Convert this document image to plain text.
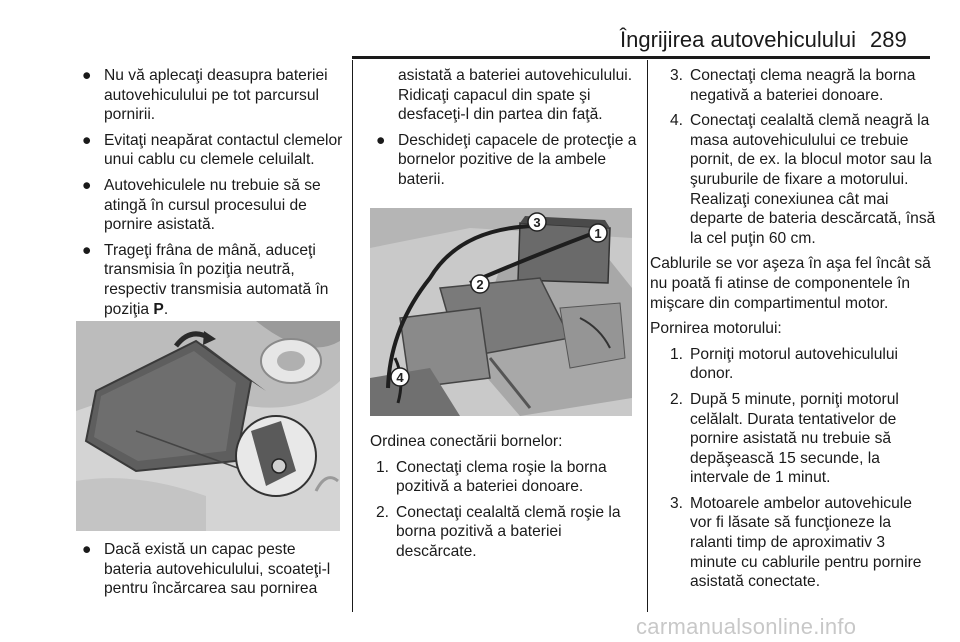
Îngrijirea autovehiculului 289
● Nu vă aplecaţi deasupra bateriei autovehiculului pe tot parcursul pornirii.
● Evitaţi neapărat contactul clemelor unui cablu cu clemele celuilalt.
● Autovehiculele nu trebuie să se atingă în cursul procesului de pornire asistată.
● Trageţi frâna de mână, aduceţi transmisia în poziţia neutră, respectiv transmisia automată în poziţia P.
● Dacă există un capac peste bateria autovehiculului, scoateţi-l pentru încărcarea sau pornirea
asistată a bateriei autovehiculului. Ridicaţi capacul din spate şi desfaceţi-l din partea din faţă.
● Deschideţi capacele de protecţie a bornelor pozitive de la ambele baterii.
1
2
3
4
Ordinea conectării bornelor:
1. Conectaţi clema roşie la borna pozitivă a bateriei donoare.
2. Conectaţi cealaltă clemă roşie la borna pozitivă a bateriei descărcate.
3. Conectaţi clema neagră la borna negativă a bateriei donoare.
4. Conectaţi cealaltă clemă neagră la masa autovehiculului ce trebuie pornit, de ex. la blocul motor sau la şuruburile de fixare a motorului. Realizaţi conexiunea cât mai departe de bateria descărcată, însă la cel puţin 60 cm.
Cablurile se vor aşeza în aşa fel încât să nu poată fi atinse de componentele în mişcare din compartimentul motor.
Pornirea motorului:
1. Porniţi motorul autovehiculului donor.
2. După 5 minute, porniţi motorul celălalt. Durata tentativelor de pornire asistată nu trebuie să depăşească 15 secunde, la intervale de 1 minut.
3. Motoarele ambelor autovehicule vor fi lăsate să funcţioneze la ralanti timp de aproximativ 3 minute cu cablurile pentru pornire asistată conectate.
carmanualsonline.info
